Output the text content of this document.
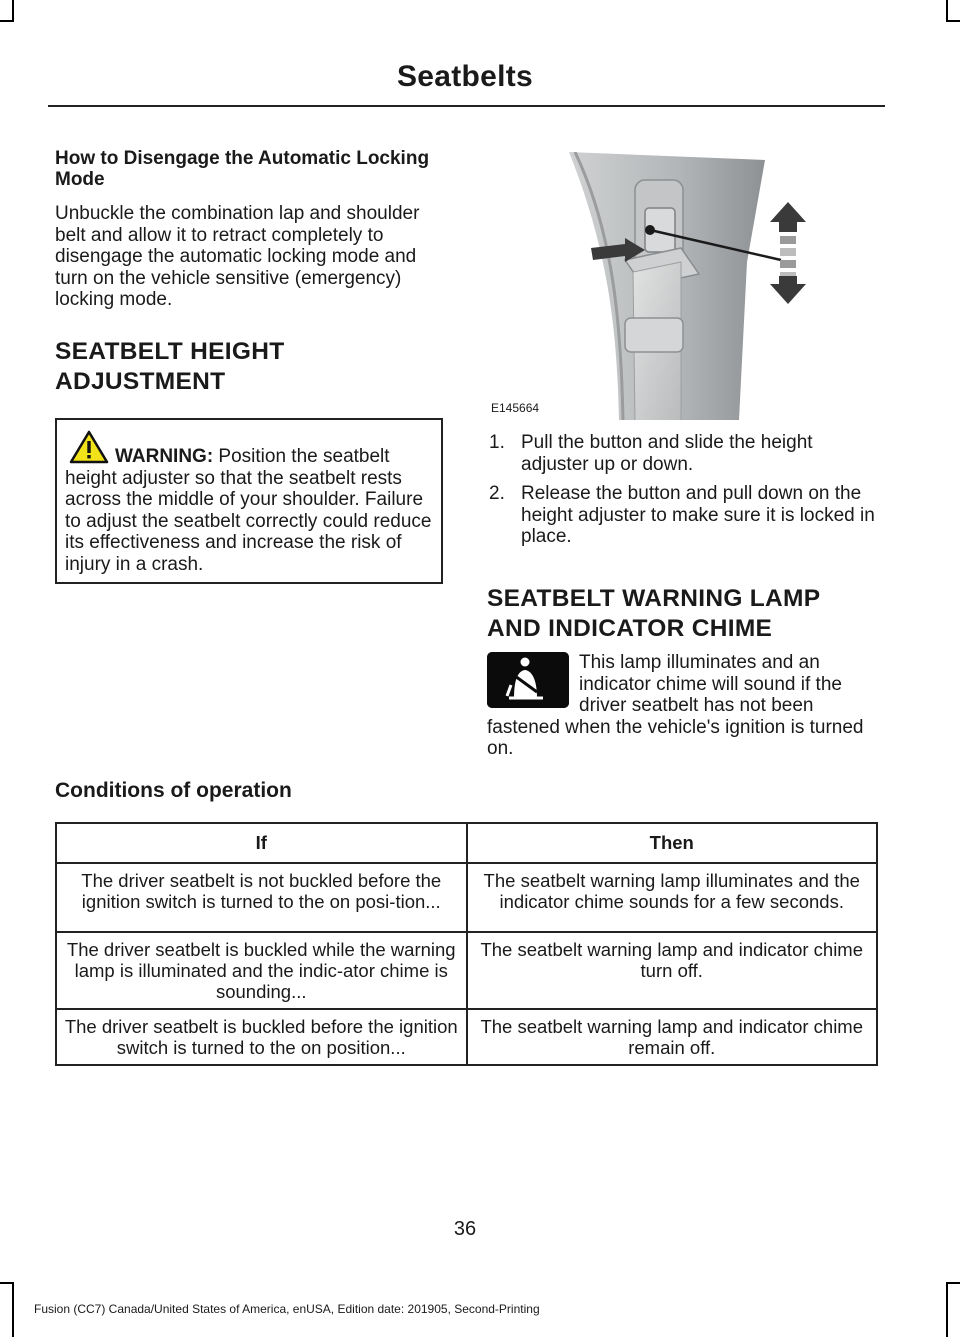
Seatbelts

How to Disengage the Automatic Locking Mode

Unbuckle the combination lap and shoulder belt and allow it to retract completely to disengage the automatic locking mode and turn on the vehicle sensitive (emergency) locking mode.

SEATBELT HEIGHT

ADJUSTMENT

WARNING: Position the seatbelt height adjuster so that the seatbelt rests across the middle of your shoulder. Failure to adjust the seatbelt correctly could reduce its effectiveness and increase the risk of injury in a crash.
E145664

1. Pull the button and slide the height adjuster up or down.

2. Release the button and pull down on the height adjuster to make sure it is locked in place.

SEATBELT WARNING LAMP

AND INDICATOR CHIME

This lamp illuminates and an indicator chime will sound if the driver seatbelt has not been fastened when the vehicle's ignition is turned on.
Conditions of operation
If	Then
The driver seatbelt is not buckled before the ignition switch is turned to the on posi-tion...	The seatbelt warning lamp illuminates and the indicator chime sounds for a few seconds.
The driver seatbelt is buckled while the warning lamp is illuminated and the indic-ator chime is sounding...	The seatbelt warning lamp and indicator chime turn off.
The driver seatbelt is buckled before the ignition switch is turned to the on position...	The seatbelt warning lamp and indicator chime remain off.
36
Fusion (CC7) Canada/United States of America, enUSA, Edition date: 201905, Second-Printing
